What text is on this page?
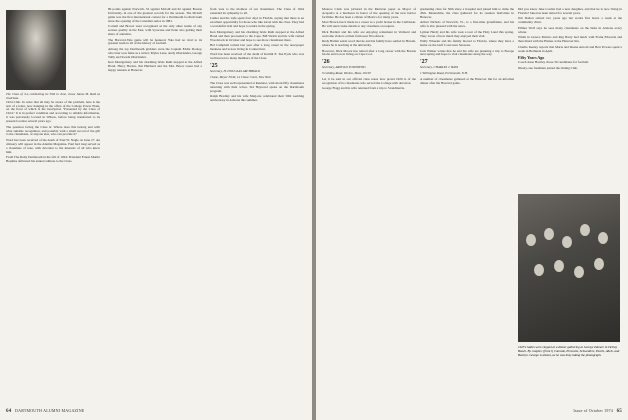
The Class of '24, celebrating its 50th in June, chose James M. Reid as chairman.

1924 Club. In order that all may be aware of the problem, here is the text of a letter, now hanging in the office of the College Power Plant, on the front of which is the inscription "Presented by the Class of 1924." It is in perfect condition and according to reliable information, it was previously located in Wilson, before being transferred to its present location several years ago.

The question facing the Class is: Where does this belong and with what suitable recognition, and possibly with a small record of the gift to the classmates, or anyone else, who can provide it?

Word has been received of the death of Paul W. Nagle on June 27. An obituary will appear in the Alumni Magazine. Paul had long served as a classmate of note, with devotion to the interests of all who knew him.

From The Daily Dartmouth in the fall of 1924: President Ernest Martin Hopkins delivered his annual address to the Class.

80 points against Norwich, 52 against McGill and 62 against Boston University, in one of the greatest records for the season. The McGill game was the first international contest for a Dartmouth football team since the opening of the Canadian series in 1881.

Cornell and Brown were recognized as the only other teams of any serious quality in the East, with Syracuse and Penn also getting their share of attention.

The Harvard-Yale game will be featured. Yale had no rival to its greatest team in all of the history of football.

Among the top Dartmouth gridders were the Captain Eddie Dooley, who later won fame as a writer; Myles Lane, Andy Oberlander, George Tully and Swede Oberlander.

Ken Montgomery and his charming bride Ruth stopped at the Alfred Hotel. Harry Horton, Jim Hubbard and the Mrs. Bruce Greer had a happy reunion at Hanover.

from 'ears to the mothers of our classmates. The Class of 1924 extended its sympathy to all.

Luther and his wife spent four days in Florida, saying that there is an excellent opportunity for those who like travel with the class. They had a wonderful visit and hope to return in the spring.

Ken Montgomery and his charming bride Ruth stopped at the Alfred Hotel and then proceeded to the Cape. Bill Welch and his wife visited Woodstock in October and hope to see more classmates there.

Hal Campbell retired last year after a long career in the newspaper business and is now living in Connecticut.

Word has been received of the death of Kermit E. Ten Eyck who was well known to many members of the Class.

'25
Secretary, H. DOUGLAS ARCHIBALD
Chase, Meyer Field, 14 Chase Court, New York

The Class was well represented at Reunion, with about fifty classmates returning with their wives. Sid Hayward spoke on the Dartmouth program.

Ralph Bradley and his wife Marjorie celebrated their 50th wedding anniversary in Arizona this summer.

64 DARTMOUTH ALUMNI MAGAZINE

Monroe Clark was pictured in the Mexican paper as Mayor of Acapulco at a luncheon in honor of the opening of the new harbor facilities. He has been a citizen of Mexico for many years.

Mort Brown has it made in a career as a yacht broker in the Caribbean. He will send cruise details to any classmate on request.

Dick Bartlett and his wife are enjoying retirement in Vermont and welcome visitors at their farm near Woodstock.

Rudy Hallett sends word that he and his family have settled in Hawaii, where he is teaching at the university.

However, Dick Moore has retired after a long career with the Boston Globe and is now living on Cape Cod.

'26
Secretary, ARNOLD TOWNSEND
9 Gelding Road, Weston, Mass. 02193

Let it be said in our official class notes how proud 1926 is of the recognition of its classmates who served the College with devotion.

George Flagg and his wife returned from a trip to Scandinavia.

graduating class for 50th since a hospital and joined him to mine the 45th. Meanwhile, the class gathered for its reunion festivities in Hanover.

Arthur Nichols of Norwich, Vt., is a first-time grandfather, and his wife is also pleased with the news.

Lyman Hardy and his wife took a tour of the Holy Land this spring. They wrote of how much they enjoyed their visit.

Wally Wheeler and his family moved to Florida, where they have a home on the Gulf Coast near Sarasota.

Jack Walker writes that he and his wife are planning a trip to Europe next spring and hope to visit classmates along the way.

'27
Secretary, CHARLES J. BASS
1 Wellington Road, Portsmouth, N.H.

A number of classmates gathered at the Hanover Inn for an informal dinner after the Harvard game.

Did you know Jake Coulter had a new daughter, and that he is now living in Florida? Jake has been retired for several years.

Jim Dalton retired two years ago but works five hours a week at the community clinic.

Ellmer Wolf says he sees many classmates on the links in Arizona every winter.

While in Greece Marino and Reg Barry had lunch with Frank Edwards and then dined with the Haines at the Hanover Inn.

Charlie Keeley reports that Maria and Deane Arnold and Bert Powers spent a week in Bermuda in April.

Fifty Years Ago

Coach Jesse Hawley chose 30 candidates for football.

Ninety-one freshmen joined the Outing Club.

1925's ladies were elegant at a dinner gathering at George Zahnos' in Delray Beach. By couples: (from l) Conrads, Prescotts, Schwedlers, Pearls, Abels, and Beatrys. George is absent, as he was busy taking the photograph.
Issue of October 1974 65
